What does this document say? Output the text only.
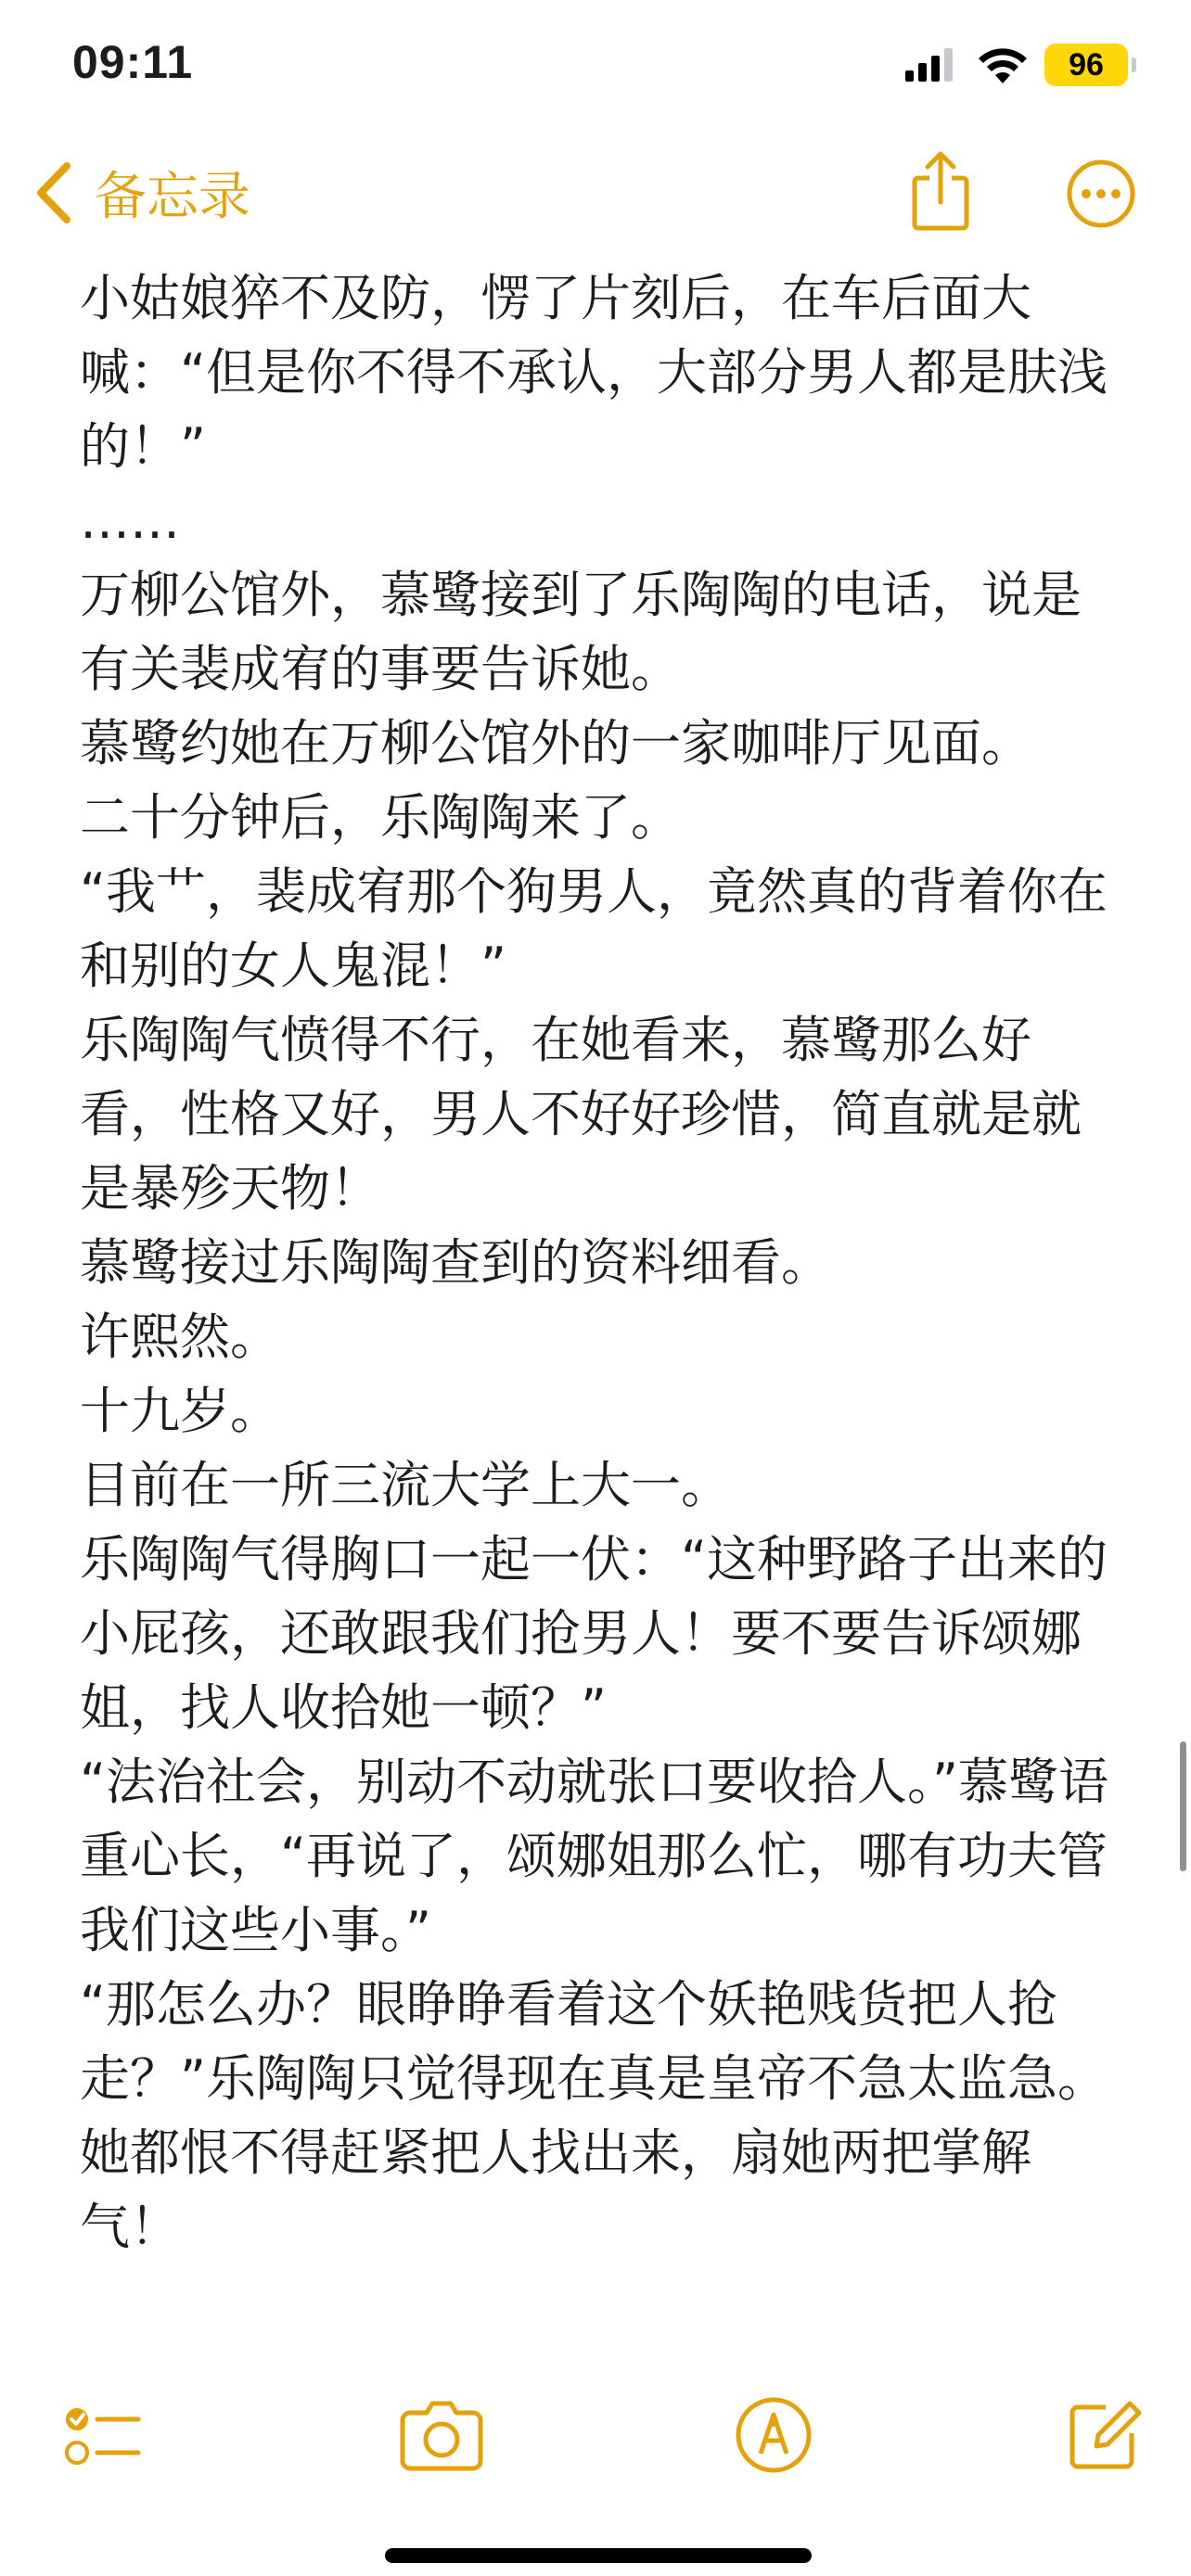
09:11	96
备忘录

小姑娘猝不及防，愣了片刻后，在车后面大喊：“但是你不得不承认，大部分男人都是肤浅的！”

……

万柳公馆外，慕鹭接到了乐陶陶的电话，说是有关裴成宥的事要告诉她。

慕鹭约她在万柳公馆外的一家咖啡厅见面。

二十分钟后，乐陶陶来了。

“我艹，裴成宥那个狗男人，竟然真的背着你在和别的女人鬼混！”

乐陶陶气愤得不行，在她看来，慕鹭那么好看，性格又好，男人不好好珍惜，简直就是就是暴殄天物！

慕鹭接过乐陶陶查到的资料细看。

许熙然。

十九岁。

目前在一所三流大学上大一。

乐陶陶气得胸口一起一伏：“这种野路子出来的小屁孩，还敢跟我们抢男人！要不要告诉颂娜姐，找人收拾她一顿？”

“法治社会，别动不动就张口要收拾人。”慕鹭语重心长，“再说了，颂娜姐那么忙，哪有功夫管我们这些小事。”

“那怎么办？眼睁睁看着这个妖艳贱货把人抢走？”乐陶陶只觉得现在真是皇帝不急太监急。

她都恨不得赶紧把人找出来，扇她两把掌解气！
